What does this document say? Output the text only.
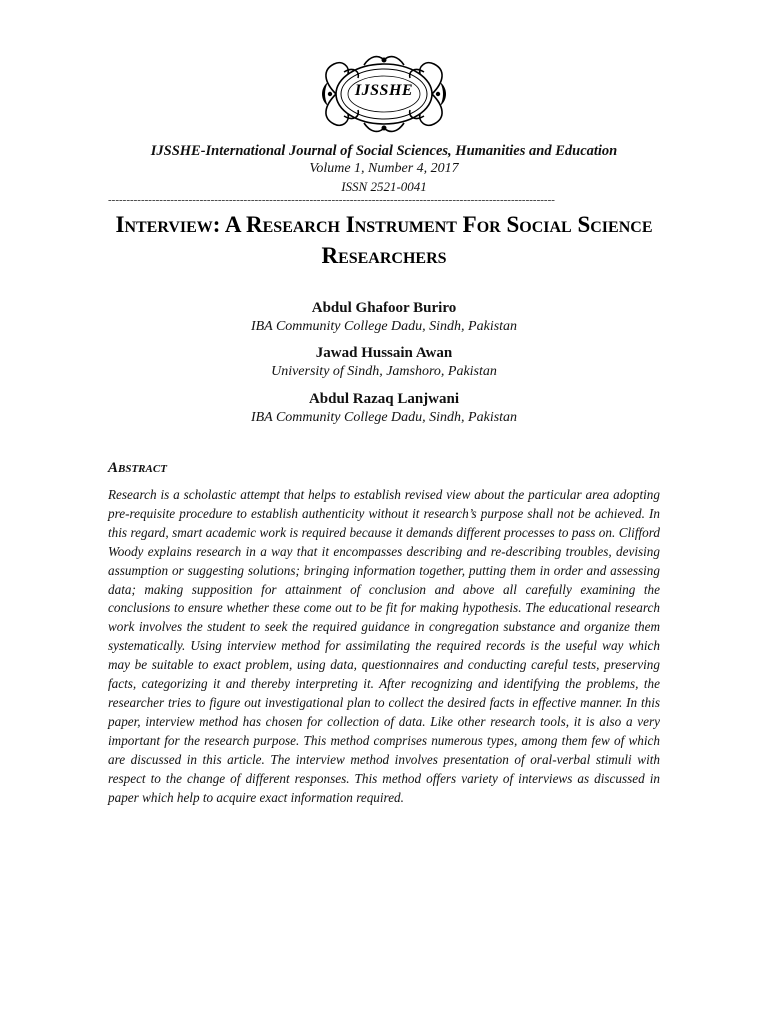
IJSSHE
IJSSHE-International Journal of Social Sciences, Humanities and Education
Volume 1, Number 4, 2017
ISSN 2521-0041
--------------------------------------------------------------------------------------------------------------------------
Interview: A Research Instrument For Social Science Researchers
Abdul Ghafoor Buriro
IBA Community College Dadu, Sindh, Pakistan
Jawad Hussain Awan
University of Sindh, Jamshoro, Pakistan
Abdul Razaq Lanjwani
IBA Community College Dadu, Sindh, Pakistan
Abstract
Research is a scholastic attempt that helps to establish revised view about the particular area adopting pre-requisite procedure to establish authenticity without it research’s purpose shall not be achieved. In this regard, smart academic work is required because it demands different processes to pass on. Clifford Woody explains research in a way that it encompasses describing and re-describing troubles, devising assumption or suggesting solutions; bringing information together, putting them in order and assessing data; making supposition for attainment of conclusion and above all carefully examining the conclusions to ensure whether these come out to be fit for making hypothesis. The educational research work involves the student to seek the required guidance in congregation substance and organize them systematically. Using interview method for assimilating the required records is the useful way which may be suitable to exact problem, using data, questionnaires and conducting careful tests, preserving facts, categorizing it and thereby interpreting it. After recognizing and identifying the problems, the researcher tries to figure out investigational plan to collect the desired facts in effective manner. In this paper, interview method has chosen for collection of data. Like other research tools, it is also a very important for the research purpose. This method comprises numerous types, among them few of which are discussed in this article. The interview method involves presentation of oral-verbal stimuli with respect to the change of different responses. This method offers variety of interviews as discussed in paper which help to acquire exact information required.
